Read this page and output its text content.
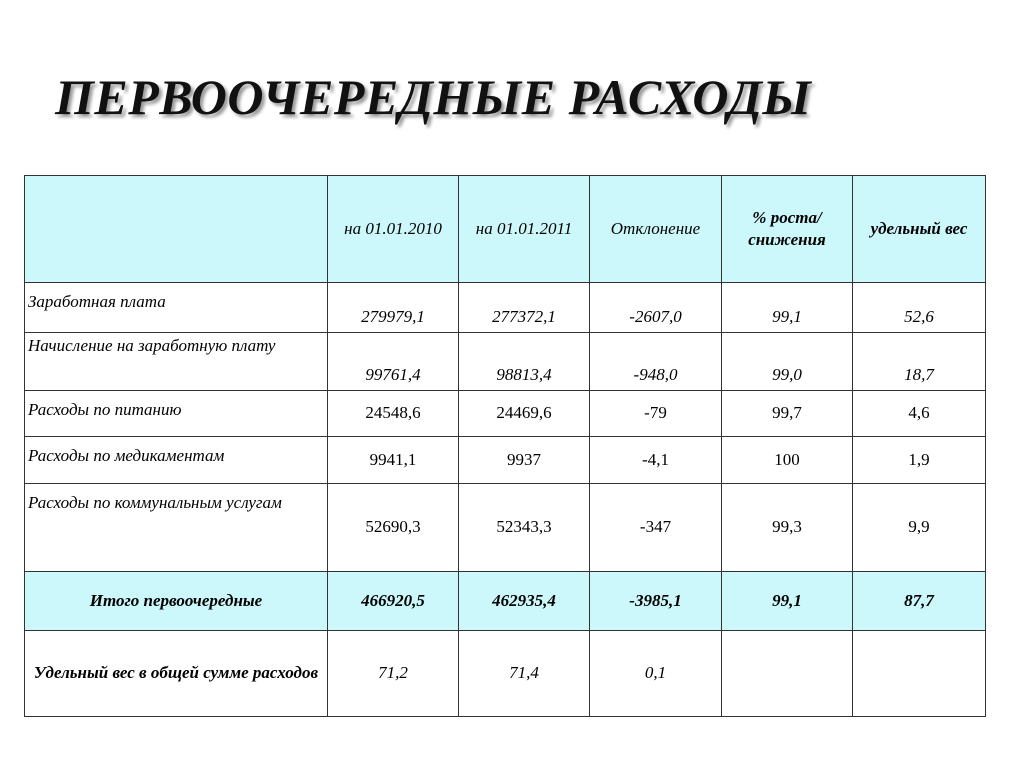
ПЕРВООЧЕРЕДНЫЕ РАСХОДЫ
	на 01.01.2010	на 01.01.2011	Отклонение	% роста/снижения	удельный вес
Заработная плата	279979,1	277372,1	-2607,0	99,1	52,6
Начисление на заработную плату	99761,4	98813,4	-948,0	99,0	18,7
Расходы по питанию	24548,6	24469,6	-79	99,7	4,6
Расходы по медикаментам	9941,1	9937	-4,1	100	1,9
Расходы по коммунальным услугам	52690,3	52343,3	-347	99,3	9,9
Итого первоочередные	466920,5	462935,4	-3985,1	99,1	87,7
Удельный вес в общей сумме расходов	71,2	71,4	0,1		
